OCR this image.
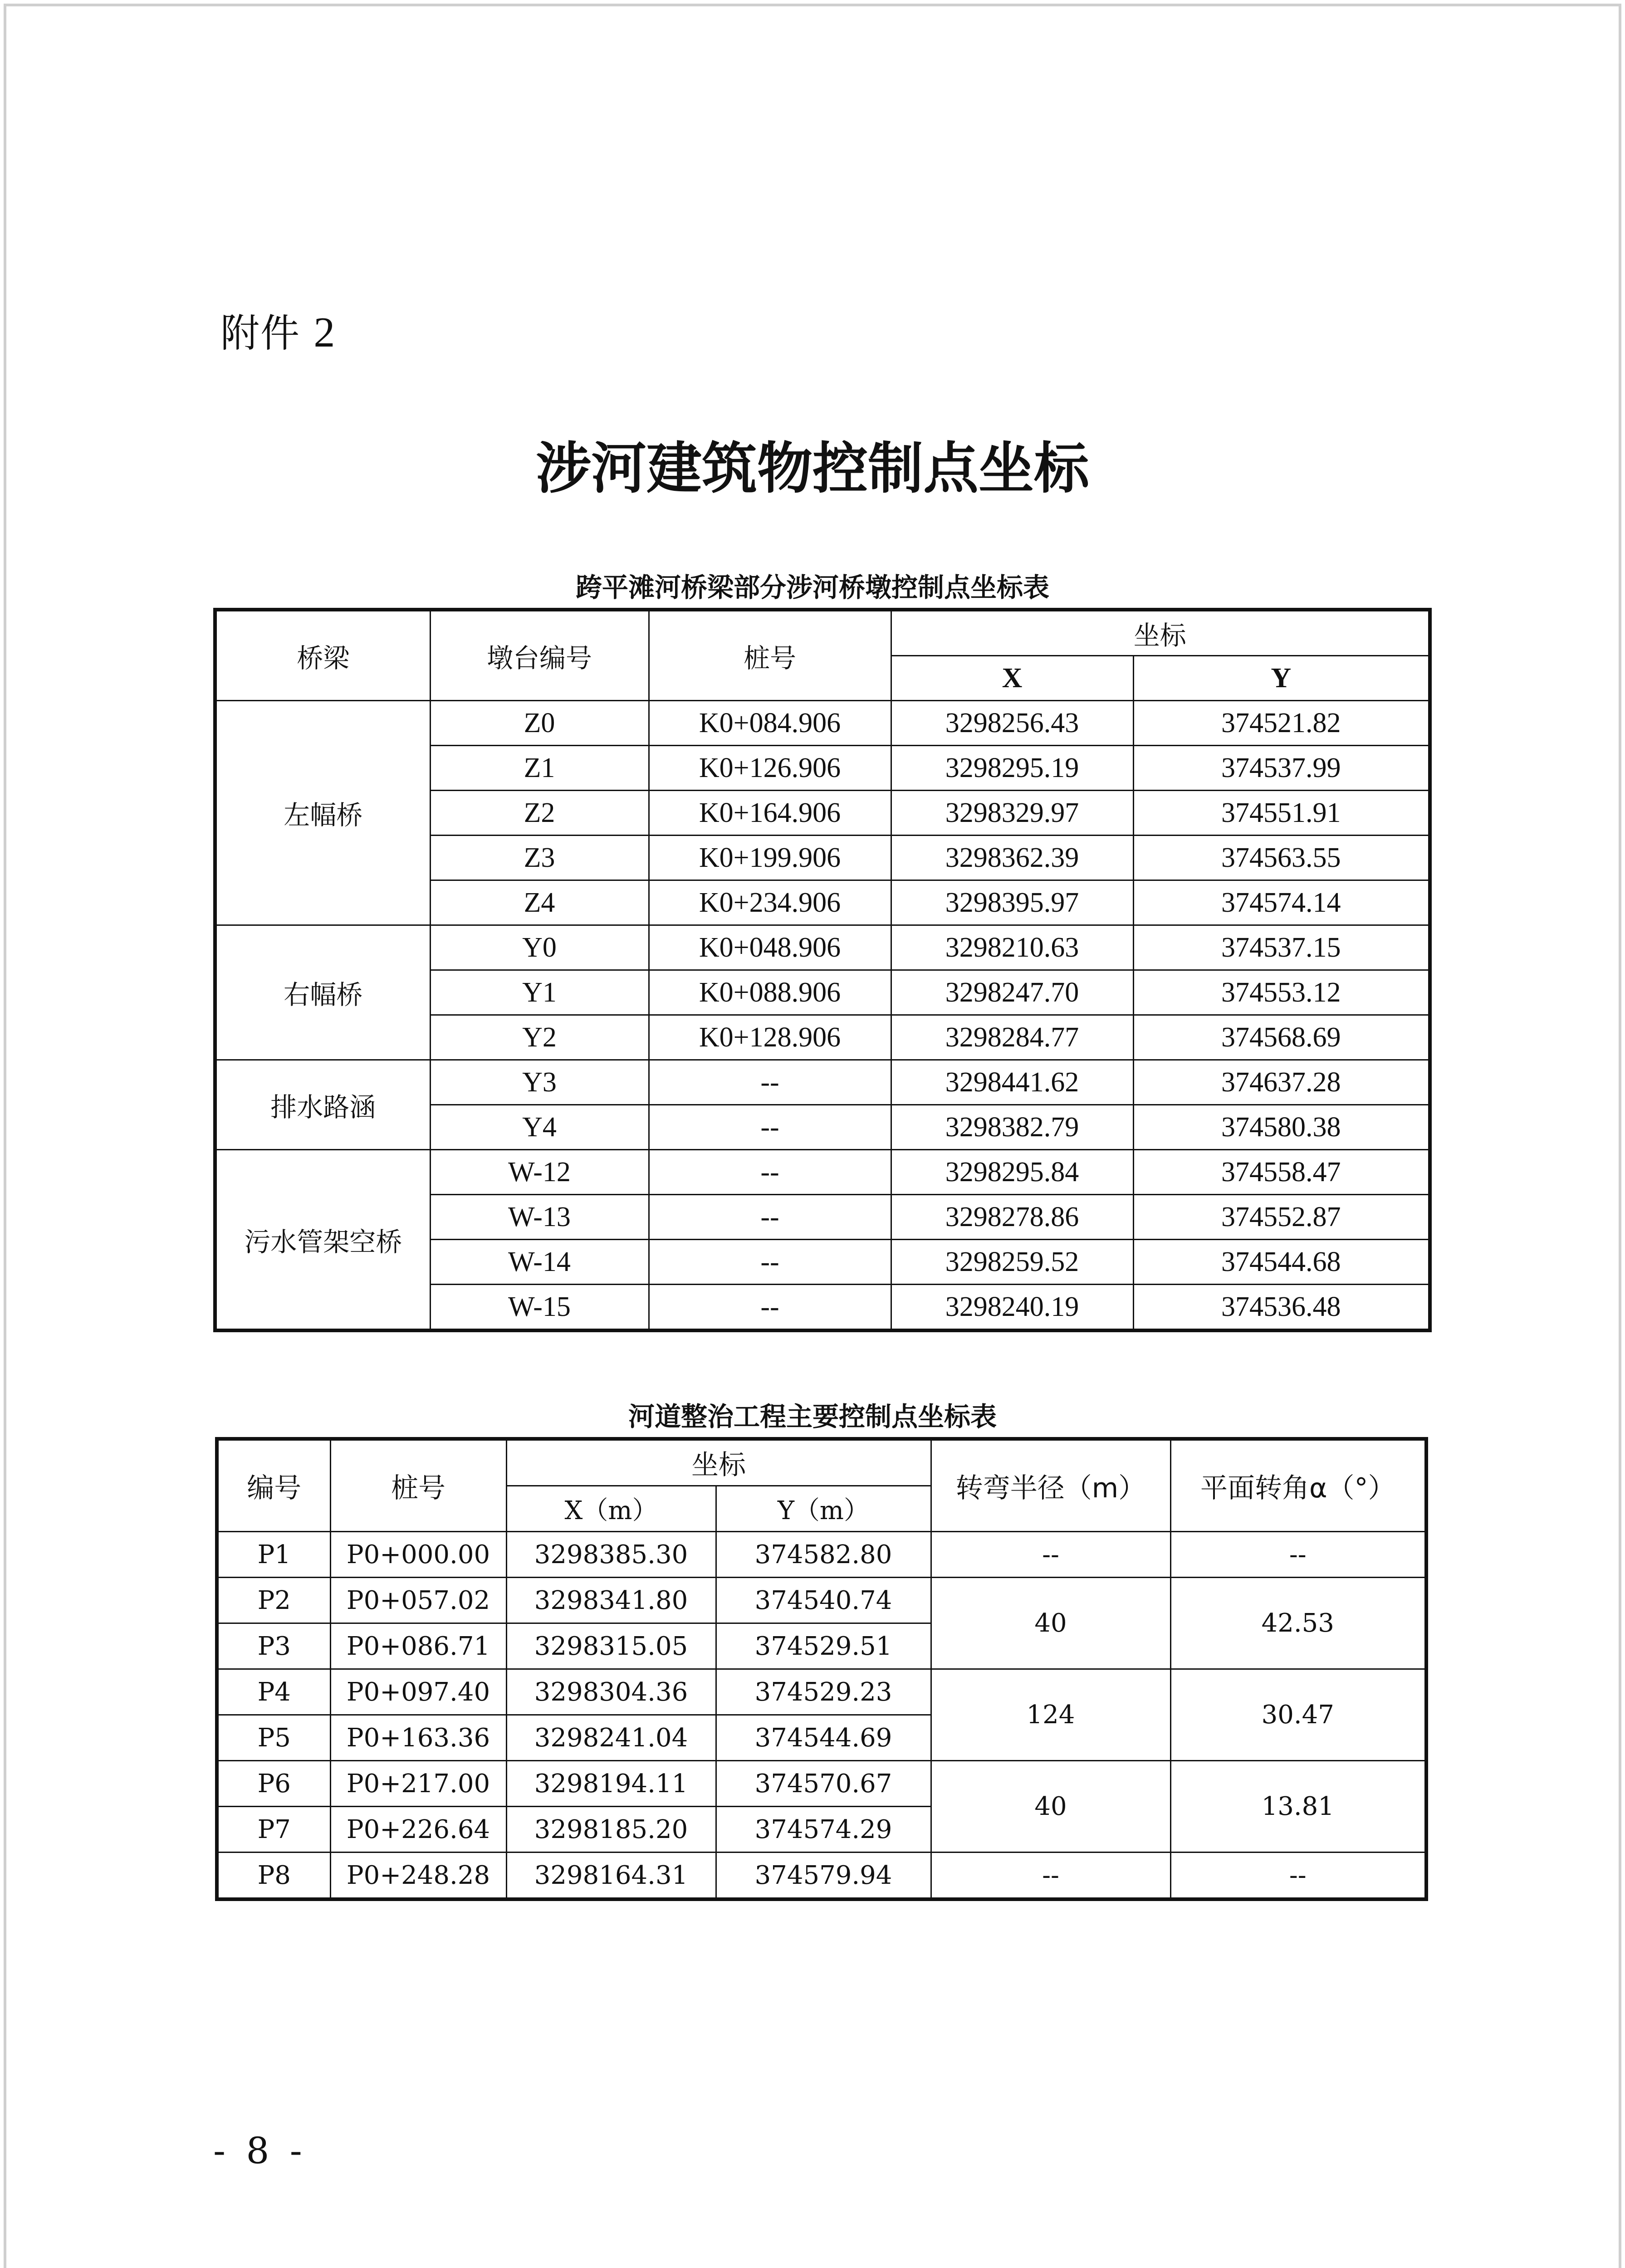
附件 2
涉河建筑物控制点坐标
跨平滩河桥梁部分涉河桥墩控制点坐标表
桥梁	墩台编号	桩号	坐标	
			X	Y
左幅桥	Z0	K0+084.906	3298256.43	374521.82
	Z1	K0+126.906	3298295.19	374537.99
	Z2	K0+164.906	3298329.97	374551.91
	Z3	K0+199.906	3298362.39	374563.55
	Z4	K0+234.906	3298395.97	374574.14
右幅桥	Y0	K0+048.906	3298210.63	374537.15
	Y1	K0+088.906	3298247.70	374553.12
	Y2	K0+128.906	3298284.77	374568.69
排水路涵	Y3	--	3298441.62	374637.28
	Y4	--	3298382.79	374580.38
污水管架空桥	W-12	--	3298295.84	374558.47
	W-13	--	3298278.86	374552.87
	W-14	--	3298259.52	374544.68
	W-15	--	3298240.19	374536.48
河道整治工程主要控制点坐标表
编号	桩号	坐标		转弯半径（m）	平面转角α（°）
		X（m）	Y（m）		
P1	P0+000.00	3298385.30	374582.80	--	--
P2	P0+057.02	3298341.80	374540.74	40	42.53
P3	P0+086.71	3298315.05	374529.51		
P4	P0+097.40	3298304.36	374529.23	124	30.47
P5	P0+163.36	3298241.04	374544.69		
P6	P0+217.00	3298194.11	374570.67	40	13.81
P7	P0+226.64	3298185.20	374574.29		
P8	P0+248.28	3298164.31	374579.94	--	--
- 8 -
